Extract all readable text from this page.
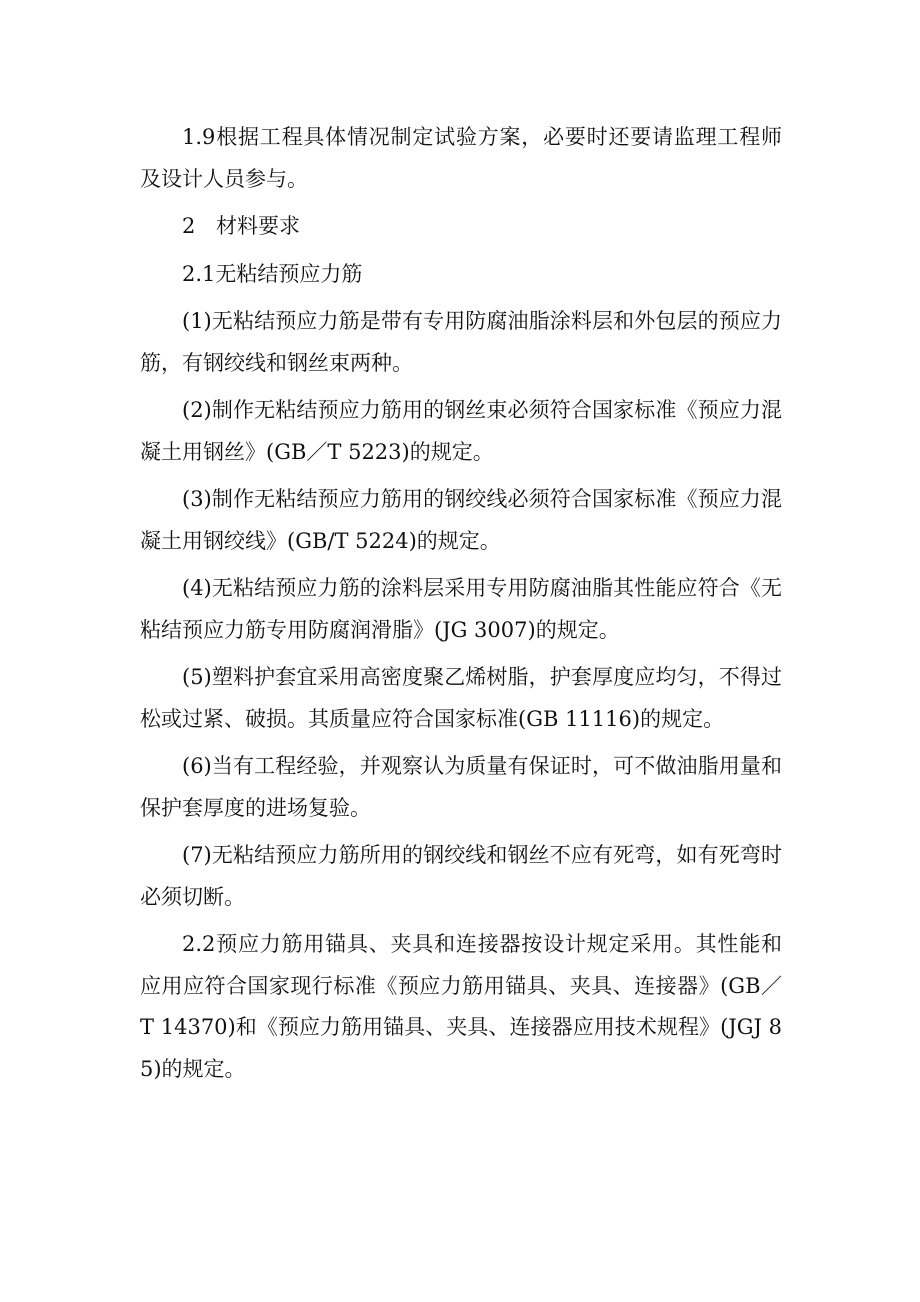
1.9根据工程具体情况制定试验方案，必要时还要请监理工程师及设计人员参与。

2 材料要求

2.1无粘结预应力筋

(1)无粘结预应力筋是带有专用防腐油脂涂料层和外包层的预应力筋，有钢绞线和钢丝束两种。

(2)制作无粘结预应力筋用的钢丝束必须符合国家标准《预应力混凝土用钢丝》(GB／T 5223)的规定。

(3)制作无粘结预应力筋用的钢绞线必须符合国家标准《预应力混凝土用钢绞线》(GB/T 5224)的规定。

(4)无粘结预应力筋的涂料层采用专用防腐油脂其性能应符合《无粘结预应力筋专用防腐润滑脂》(JG 3007)的规定。

(5)塑料护套宜采用高密度聚乙烯树脂，护套厚度应均匀，不得过松或过紧、破损。其质量应符合国家标准(GB 11116)的规定。

(6)当有工程经验，并观察认为质量有保证时，可不做油脂用量和保护套厚度的进场复验。

(7)无粘结预应力筋所用的钢绞线和钢丝不应有死弯，如有死弯时必须切断。

2.2预应力筋用锚具、夹具和连接器按设计规定采用。其性能和应用应符合国家现行标准《预应力筋用锚具、夹具、连接器》(GB／T 14370)和《预应力筋用锚具、夹具、连接器应用技术规程》(JGJ 85)的规定。
